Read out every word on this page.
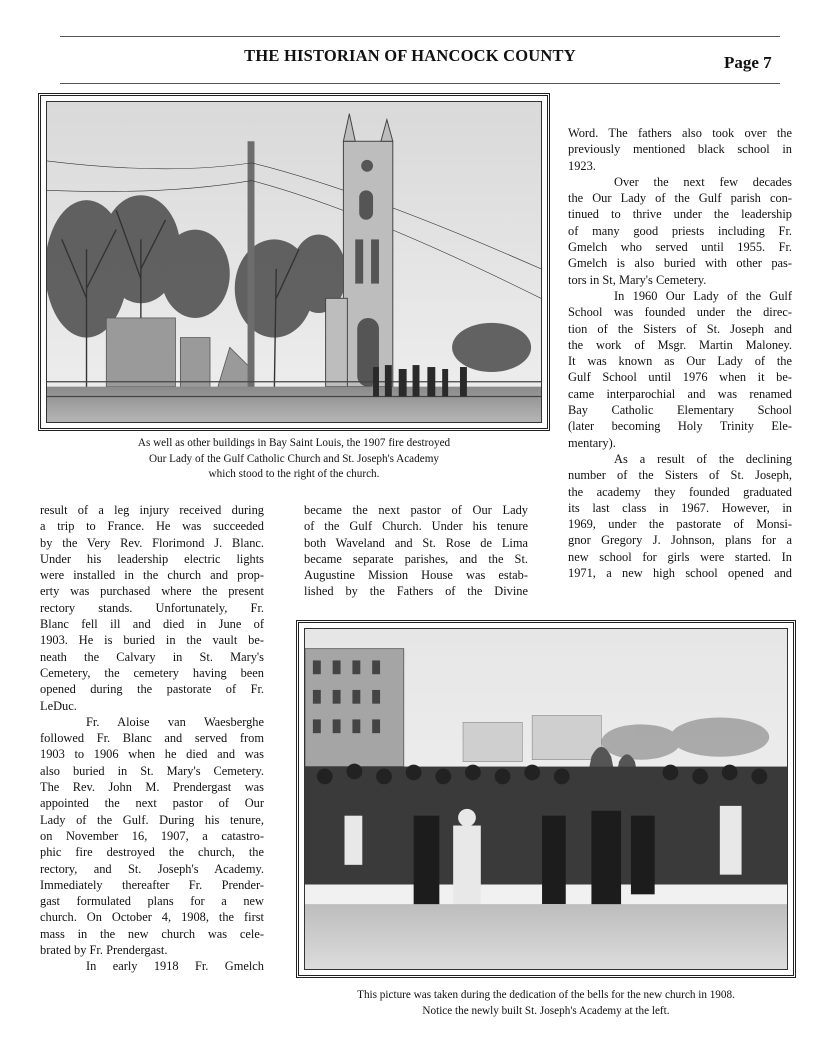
THE HISTORIAN OF HANCOCK COUNTY	Page 7
As well as other buildings in Bay Saint Louis, the 1907 fire destroyed
Our Lady of the Gulf Catholic Church and St. Joseph's Academy
which stood to the right of the church.
result of a leg injury received during
a trip to France. He was succeeded
by the Very Rev. Florimond J. Blanc.
Under his leadership electric lights
were installed in the church and prop-
erty was purchased where the present
rectory stands. Unfortunately, Fr.
Blanc fell ill and died in June of
1903. He is buried in the vault be-
neath the Calvary in St. Mary's
Cemetery, the cemetery having been
opened during the pastorate of Fr.
LeDuc.
Fr. Aloise van Waesberghe
followed Fr. Blanc and served from
1903 to 1906 when he died and was
also buried in St. Mary's Cemetery.
The Rev. John M. Prendergast was
appointed the next pastor of Our
Lady of the Gulf. During his tenure,
on November 16, 1907, a catastro-
phic fire destroyed the church, the
rectory, and St. Joseph's Academy.
Immediately thereafter Fr. Prender-
gast formulated plans for a new
church. On October 4, 1908, the first
mass in the new church was cele-
brated by Fr. Prendergast.
In early 1918 Fr. Gmelch
became the next pastor of Our Lady
of the Gulf Church. Under his tenure
both Waveland and St. Rose de Lima
became separate parishes, and the St.
Augustine Mission House was estab-
lished by the Fathers of the Divine
Word. The fathers also took over the
previously mentioned black school in
1923.
Over the next few decades
the Our Lady of the Gulf parish con-
tinued to thrive under the leadership
of many good priests including Fr.
Gmelch who served until 1955. Fr.
Gmelch is also buried with other pas-
tors in St, Mary's Cemetery.
In 1960 Our Lady of the Gulf
School was founded under the direc-
tion of the Sisters of St. Joseph and
the work of Msgr. Martin Maloney.
It was known as Our Lady of the
Gulf School until 1976 when it be-
came interparochial and was renamed
Bay Catholic Elementary School
(later becoming Holy Trinity Ele-
mentary).
As a result of the declining
number of the Sisters of St. Joseph,
the academy they founded graduated
its last class in 1967. However, in
1969, under the pastorate of Monsi-
gnor Gregory J. Johnson, plans for a
new school for girls were started. In
1971, a new high school opened and
This picture was taken during the dedication of the bells for the new church in 1908.
Notice the newly built St. Joseph's Academy at the left.
